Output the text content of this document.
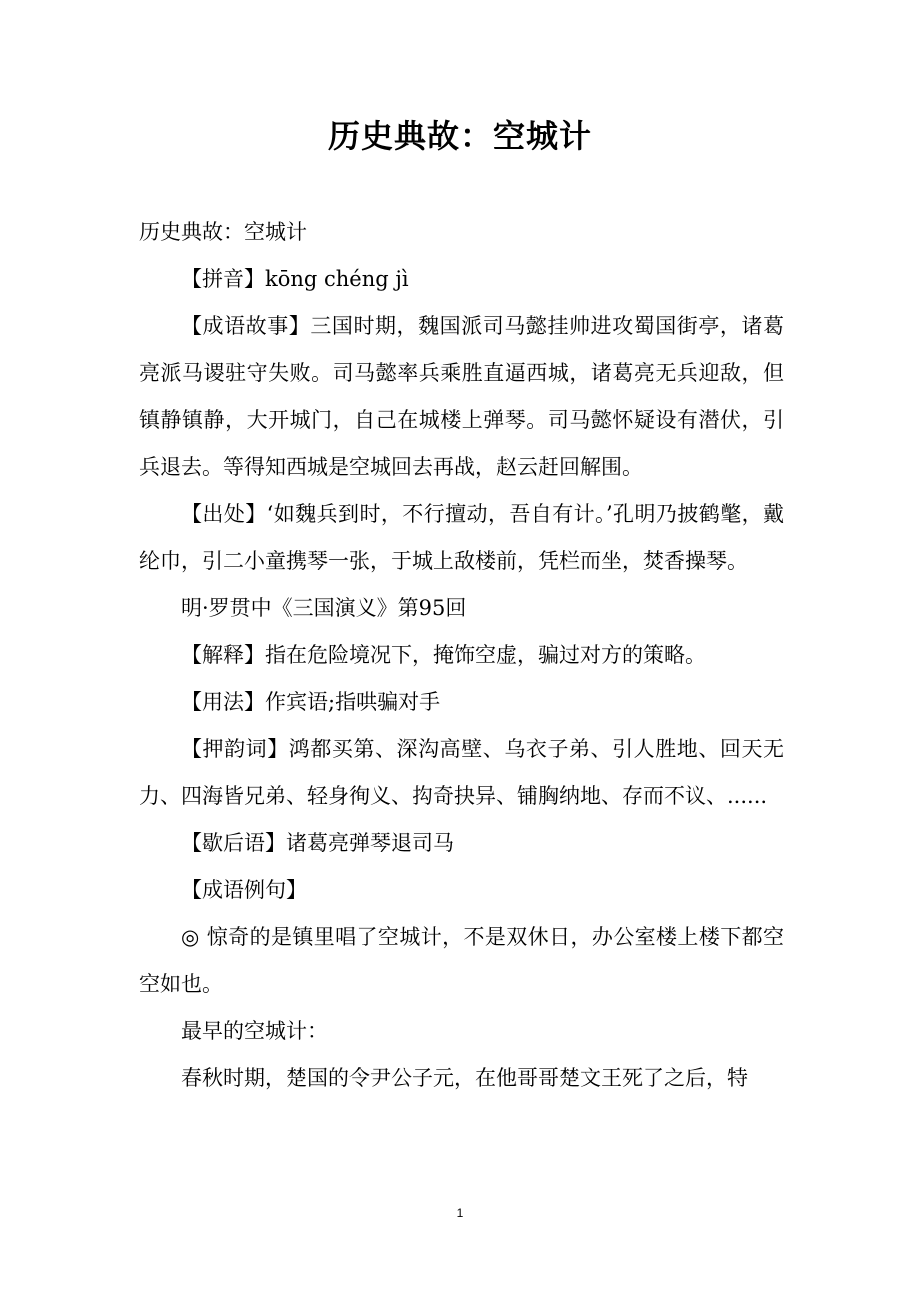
历史典故：空城计

历史典故：空城计

【拼音】kōng chéng jì

【成语故事】三国时期，魏国派司马懿挂帅进攻蜀国街亭，诸葛亮派马谡驻守失败。司马懿率兵乘胜直逼西城，诸葛亮无兵迎敌，但镇静镇静，大开城门，自己在城楼上弹琴。司马懿怀疑设有潜伏，引兵退去。等得知西城是空城回去再战，赵云赶回解围。

【出处】‘如魏兵到时，不行擅动，吾自有计。’孔明乃披鹤氅，戴纶巾，引二小童携琴一张，于城上敌楼前，凭栏而坐，焚香操琴。

明·罗贯中《三国演义》第95回

【解释】指在危险境况下，掩饰空虚，骗过对方的策略。

【用法】作宾语;指哄骗对手

【押韵词】鸿都买第、深沟高壁、乌衣子弟、引人胜地、回天无力、四海皆兄弟、轻身徇义、抅奇抉异、铺胸纳地、存而不议、......

【歇后语】诸葛亮弹琴退司马

【成语例句】

◎ 惊奇的是镇里唱了空城计，不是双休日，办公室楼上楼下都空空如也。

最早的空城计：

春秋时期，楚国的令尹公子元，在他哥哥楚文王死了之后，特

1
